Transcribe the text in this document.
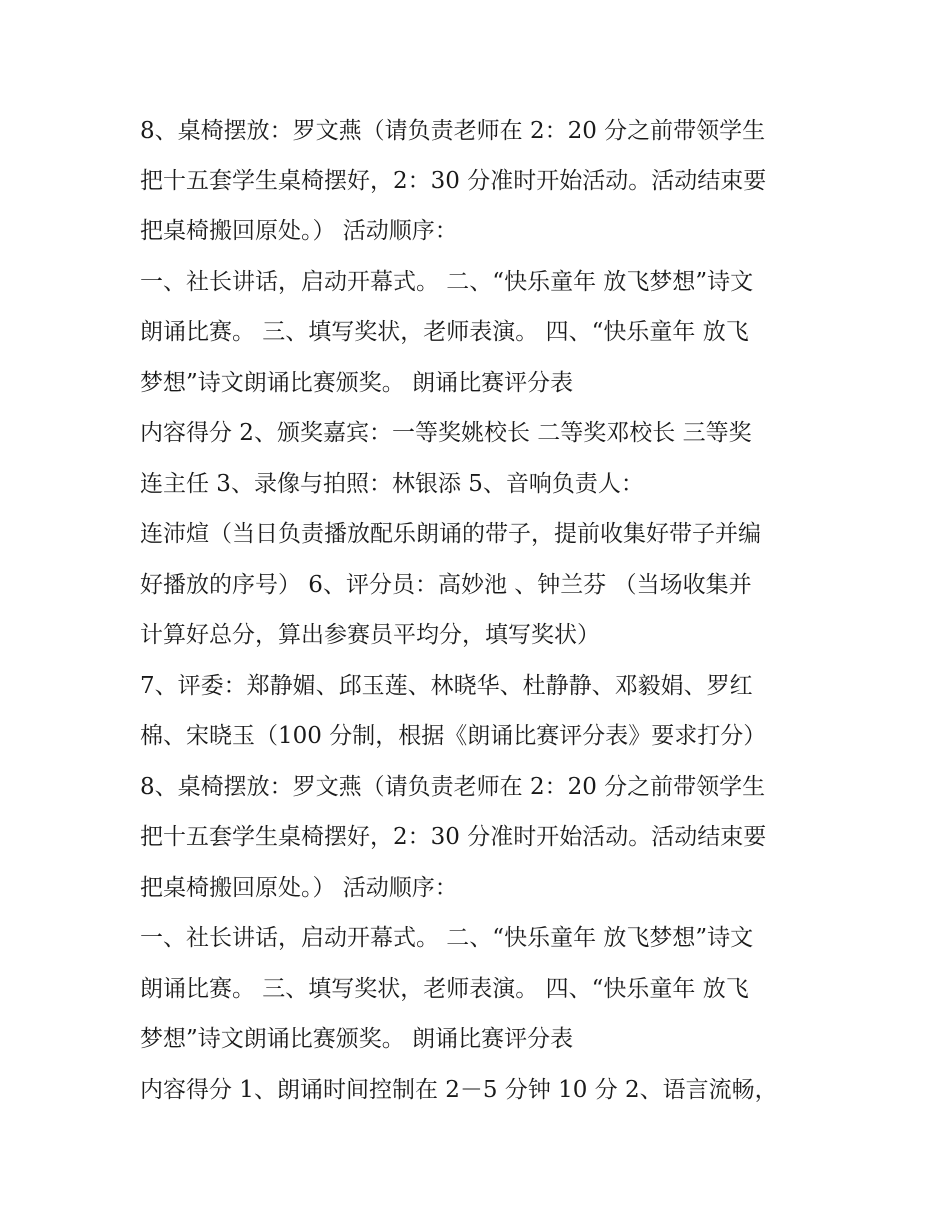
8、桌椅摆放：罗文燕（请负责老师在 2：20 分之前带领学生
把十五套学生桌椅摆好，2：30 分准时开始活动。活动结束要
把桌椅搬回原处。） 活动顺序：
一、社长讲话，启动开幕式。 二、“快乐童年 放飞梦想”诗文
朗诵比赛。 三、填写奖状，老师表演。 四、“快乐童年 放飞
梦想”诗文朗诵比赛颁奖。 朗诵比赛评分表
内容得分 2、颁奖嘉宾：一等奖姚校长 二等奖邓校长 三等奖
连主任 3、录像与拍照：林银添 5、音响负责人：
连沛煊（当日负责播放配乐朗诵的带子，提前收集好带子并编
好播放的序号） 6、评分员：高妙池 、钟兰芬 （当场收集并
计算好总分，算出参赛员平均分，填写奖状）
7、评委：郑静媚、邱玉莲、林晓华、杜静静、邓毅娟、罗红
棉、宋晓玉（100 分制，根据《朗诵比赛评分表》要求打分）
8、桌椅摆放：罗文燕（请负责老师在 2：20 分之前带领学生
把十五套学生桌椅摆好，2：30 分准时开始活动。活动结束要
把桌椅搬回原处。） 活动顺序：
一、社长讲话，启动开幕式。 二、“快乐童年 放飞梦想”诗文
朗诵比赛。 三、填写奖状，老师表演。 四、“快乐童年 放飞
梦想”诗文朗诵比赛颁奖。 朗诵比赛评分表
内容得分 1、朗诵时间控制在 2－5 分钟 10 分 2、语言流畅，
